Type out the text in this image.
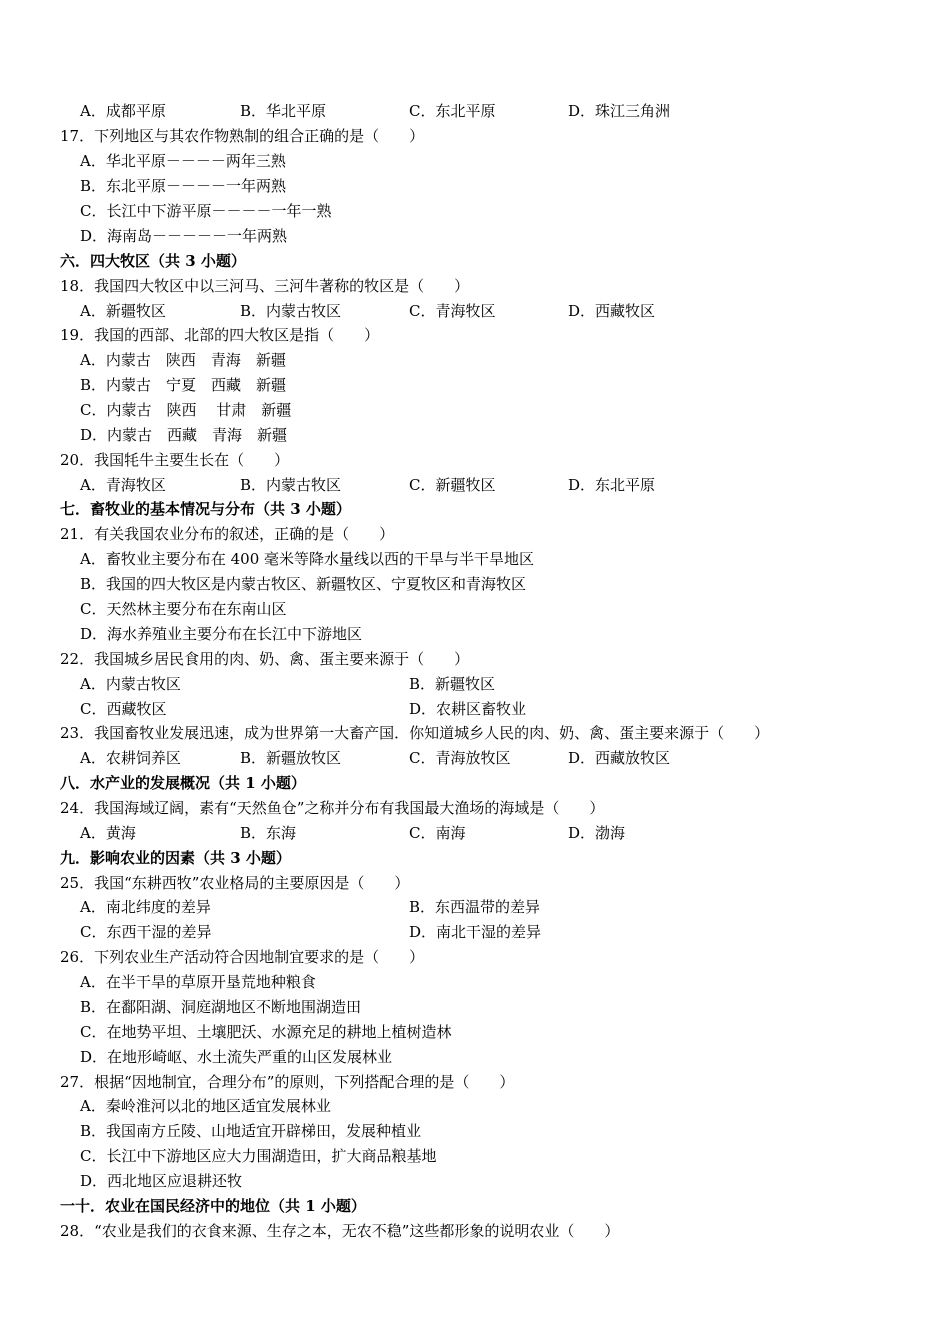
A．成都平原	B．华北平原	C．东北平原	D．珠江三角洲
17．下列地区与其农作物熟制的组合正确的是（　　）
A．华北平原－－－－两年三熟
B．东北平原－－－－一年两熟
C．长江中下游平原－－－－一年一熟
D．海南岛－－－－－一年两熟
六．四大牧区（共 3 小题）
18．我国四大牧区中以三河马、三河牛著称的牧区是（　　）
A．新疆牧区	B．内蒙古牧区	C．青海牧区	D．西藏牧区
19．我国的西部、北部的四大牧区是指（　　）
A．内蒙古　陕西　青海　新疆
B．内蒙古　宁夏　西藏　新疆
C．内蒙古　陕西　 甘肃　新疆
D．内蒙古　西藏　青海　新疆
20．我国牦牛主要生长在（　　）
A．青海牧区	B．内蒙古牧区	C．新疆牧区	D．东北平原
七．畜牧业的基本情况与分布（共 3 小题）
21．有关我国农业分布的叙述，正确的是（　　）
A．畜牧业主要分布在 400 毫米等降水量线以西的干旱与半干旱地区
B．我国的四大牧区是内蒙古牧区、新疆牧区、宁夏牧区和青海牧区
C．天然林主要分布在东南山区
D．海水养殖业主要分布在长江中下游地区
22．我国城乡居民食用的肉、奶、禽、蛋主要来源于（　　）
A．内蒙古牧区	B．新疆牧区
C．西藏牧区	D．农耕区畜牧业
23．我国畜牧业发展迅速，成为世界第一大畜产国．你知道城乡人民的肉、奶、禽、蛋主要来源于（　　）
A．农耕饲养区	B．新疆放牧区	C．青海放牧区	D．西藏放牧区
八．水产业的发展概况（共 1 小题）
24．我国海域辽阔，素有“天然鱼仓”之称并分布有我国最大渔场的海域是（　　）
A．黄海	B．东海	C．南海	D．渤海
九．影响农业的因素（共 3 小题）
25．我国“东耕西牧”农业格局的主要原因是（　　）
A．南北纬度的差异	B．东西温带的差异
C．东西干湿的差异	D．南北干湿的差异
26．下列农业生产活动符合因地制宜要求的是（　　）
A．在半干旱的草原开垦荒地种粮食
B．在鄱阳湖、洞庭湖地区不断地围湖造田
C．在地势平坦、土壤肥沃、水源充足的耕地上植树造林
D．在地形崎岖、水土流失严重的山区发展林业
27．根据“因地制宜，合理分布”的原则，下列搭配合理的是（　　）
A．秦岭淮河以北的地区适宜发展林业
B．我国南方丘陵、山地适宜开辟梯田，发展种植业
C．长江中下游地区应大力围湖造田，扩大商品粮基地
D．西北地区应退耕还牧
一十．农业在国民经济中的地位（共 1 小题）
28．“农业是我们的衣食来源、生存之本，无农不稳”这些都形象的说明农业（　　）
